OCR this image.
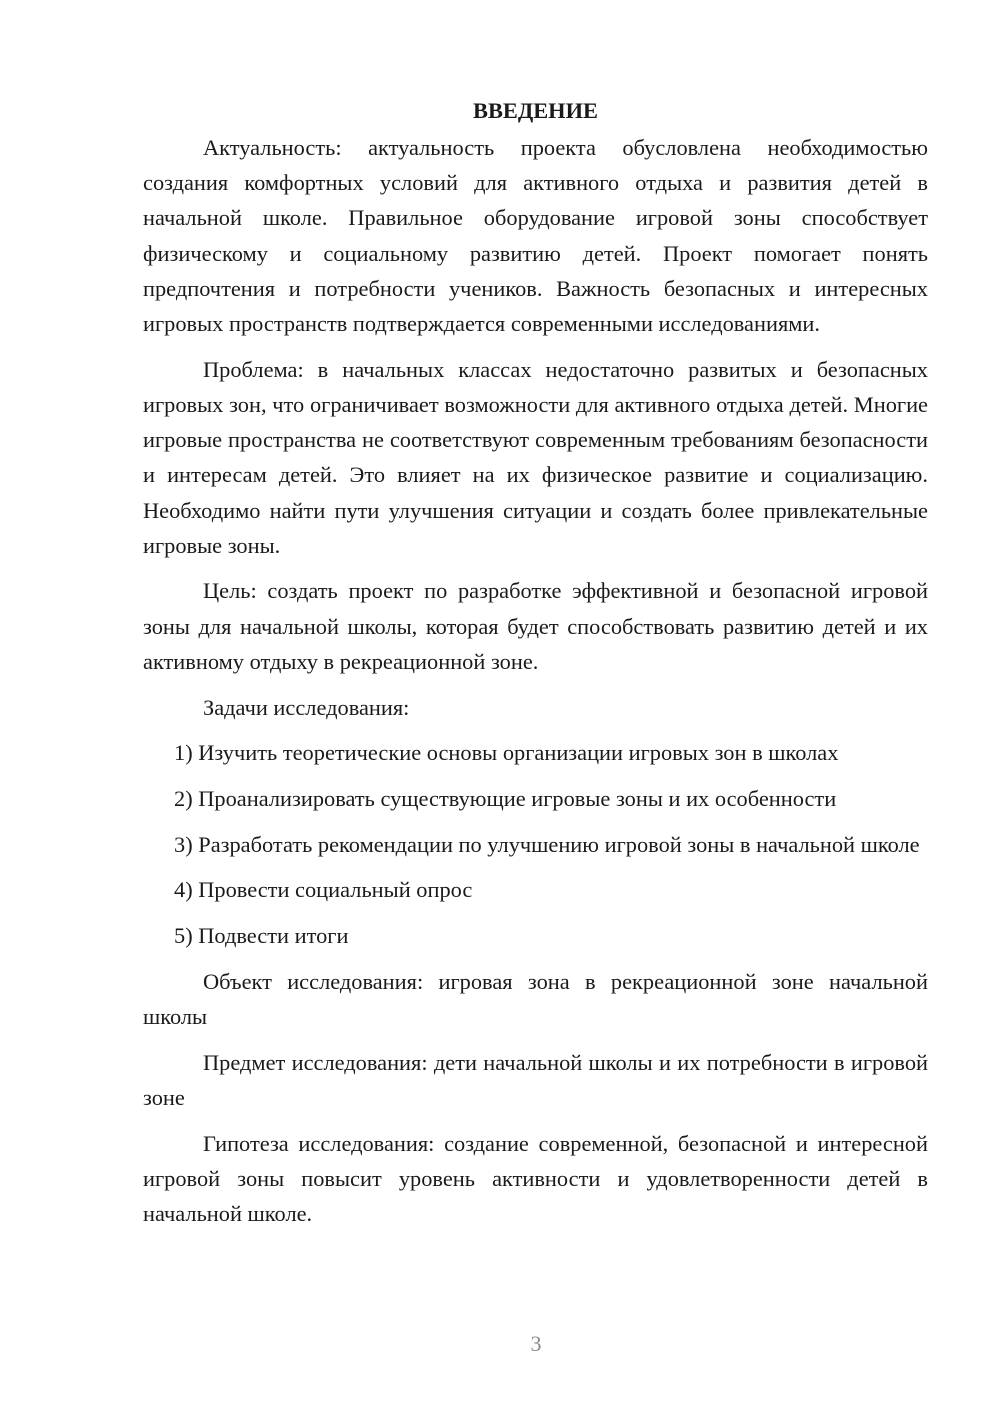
ВВЕДЕНИЕ

Актуальность: актуальность проекта обусловлена необходимостью создания комфортных условий для активного отдыха и развития детей в начальной школе. Правильное оборудование игровой зоны способствует физическому и социальному развитию детей. Проект помогает понять предпочтения и потребности учеников. Важность безопасных и интересных игровых пространств подтверждается современными исследованиями.

Проблема: в начальных классах недостаточно развитых и безопасных игровых зон, что ограничивает возможности для активного отдыха детей. Многие игровые пространства не соответствуют современным требованиям безопасности и интересам детей. Это влияет на их физическое развитие и социализацию. Необходимо найти пути улучшения ситуации и создать более привлекательные игровые зоны.

Цель: создать проект по разработке эффективной и безопасной игровой зоны для начальной школы, которая будет способствовать развитию детей и их активному отдыху в рекреационной зоне.

Задачи исследования:

1) Изучить теоретические основы организации игровых зон в школах

2) Проанализировать существующие игровые зоны и их особенности

3) Разработать рекомендации по улучшению игровой зоны в начальной школе

4) Провести социальный опрос

5) Подвести итоги

Объект исследования: игровая зона в рекреационной зоне начальной школы

Предмет исследования: дети начальной школы и их потребности в игровой зоне

Гипотеза исследования: создание современной, безопасной и интересной игровой зоны повысит уровень активности и удовлетворенности детей в начальной школе.

3
